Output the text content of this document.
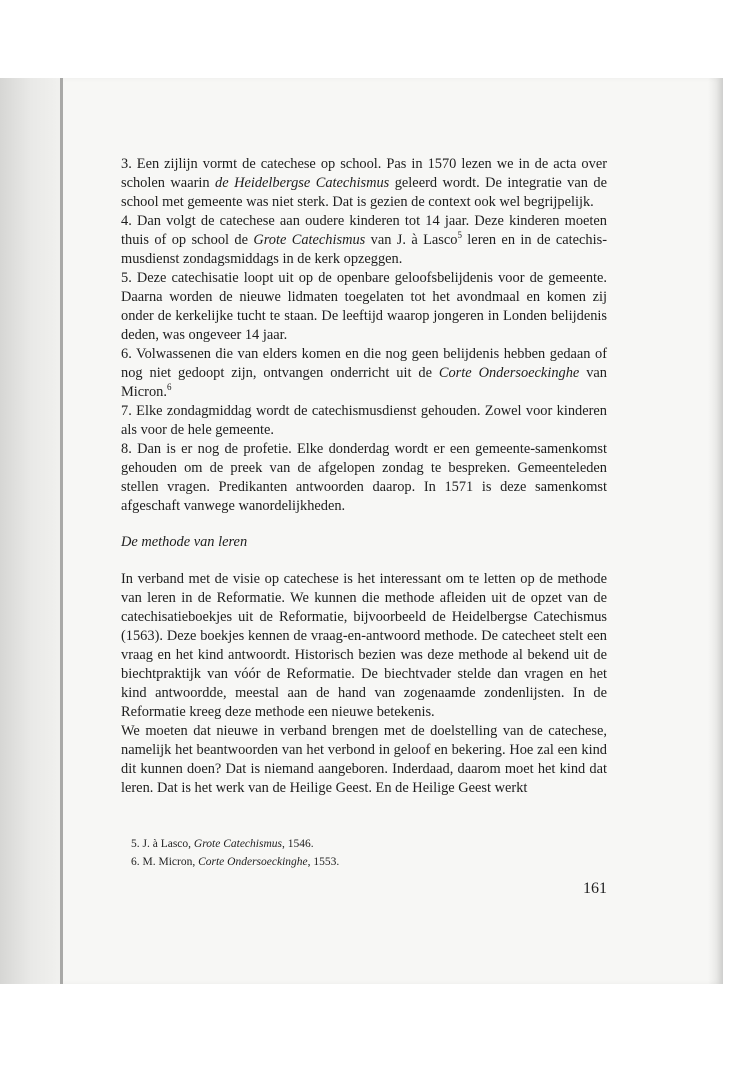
3. Een zijlijn vormt de catechese op school. Pas in 1570 lezen we in de acta over scholen waarin de Heidelbergse Catechismus geleerd wordt. De integratie van de school met gemeente was niet sterk. Dat is gezien de context ook wel begrijpelijk.

4. Dan volgt de catechese aan oudere kinderen tot 14 jaar. Deze kinderen moeten thuis of op school de Grote Catechismus van J. à Lasco$^5$ leren en in de catechis-musdienst zondagsmiddags in de kerk opzeggen.

5. Deze catechisatie loopt uit op de openbare geloofsbelijdenis voor de gemeente. Daarna worden de nieuwe lidmaten toegelaten tot het avondmaal en komen zij onder de kerkelijke tucht te staan. De leeftijd waarop jongeren in Londen belijdenis deden, was ongeveer 14 jaar.

6. Volwassenen die van elders komen en die nog geen belijdenis hebben gedaan of nog niet gedoopt zijn, ontvangen onderricht uit de Corte Ondersoeckinghe van Micron.$^6$

7. Elke zondagmiddag wordt de catechismusdienst gehouden. Zowel voor kinderen als voor de hele gemeente.

8. Dan is er nog de profetie. Elke donderdag wordt er een gemeente-samenkomst gehouden om de preek van de afgelopen zondag te bespreken. Gemeenteleden stellen vragen. Predikanten antwoorden daarop. In 1571 is deze samenkomst afgeschaft vanwege wanordelijkheden.

De methode van leren

In verband met de visie op catechese is het interessant om te letten op de methode van leren in de Reformatie. We kunnen die methode afleiden uit de opzet van de catechisatieboekjes uit de Reformatie, bijvoorbeeld de Heidelbergse Catechismus (1563). Deze boekjes kennen de vraag-en-antwoord methode. De catecheet stelt een vraag en het kind antwoordt. Historisch bezien was deze methode al bekend uit de biechtpraktijk van vóór de Reformatie. De biechtvader stelde dan vragen en het kind antwoordde, meestal aan de hand van zogenaamde zondenlijsten. In de Reformatie kreeg deze methode een nieuwe betekenis.

We moeten dat nieuwe in verband brengen met de doelstelling van de catechese, namelijk het beantwoorden van het verbond in geloof en bekering. Hoe zal een kind dit kunnen doen? Dat is niemand aangeboren. Inderdaad, daarom moet het kind dat leren. Dat is het werk van de Heilige Geest. En de Heilige Geest werkt

5. J. à Lasco, Grote Catechismus, 1546.

6. M. Micron, Corte Ondersoeckinghe, 1553.

161
